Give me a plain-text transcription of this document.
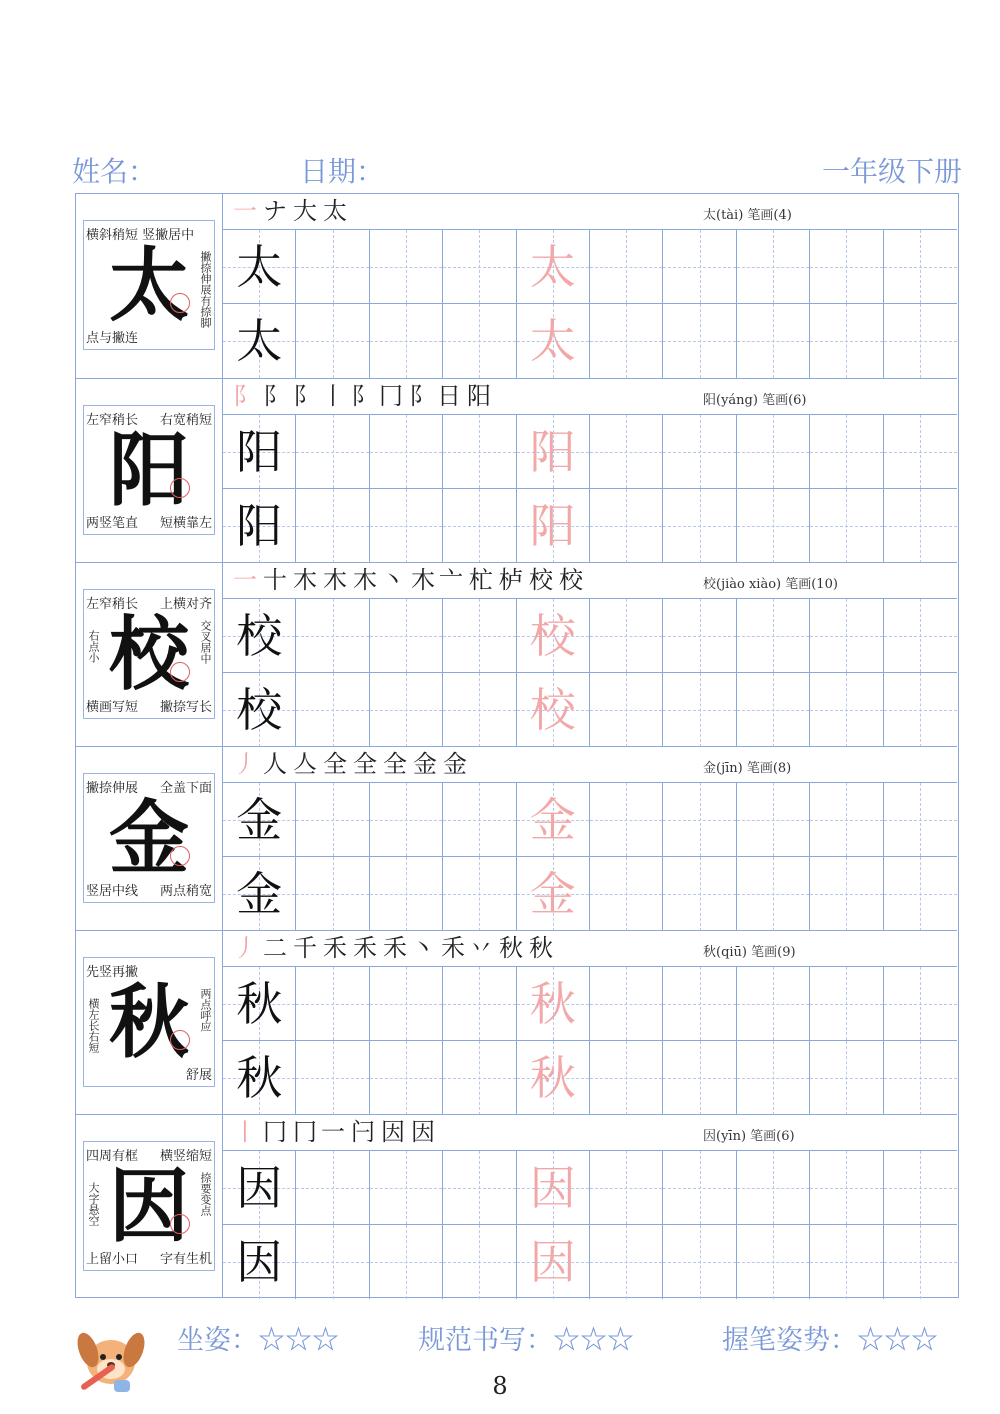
姓名：	日期：	一年级下册
太
横斜稍短 竖撇居中
撇捺伸展有捺脚
点与撇连
一ナ大太	太(tài) 笔画(4)
太	太
太	太
阳
左窄稍长 右宽稍短
两竖笔直 短横靠左
阝阝阝丨阝冂阝日阳	阳(yáng) 笔画(6)
阳	阳
阳	阳
校
左窄稍长 上横对齐
右点小	交叉居中
横画写短 撇捺写长
一十木木木丶木亠杧栌校校	校(jiào xiào) 笔画(10)
校	校
校	校
金
撇捺伸展 全盖下面
竖居中线 两点稍宽
丿人亼全全全金金	金(jīn) 笔画(8)
金	金
金	金
秋
先竖再撇
两点呼应
横左长右短
舒展
丿二千禾禾禾丶禾丷秋秋	秋(qiū) 笔画(9)
秋	秋
秋	秋
因
四周有框 横竖缩短
大字悬空	捺要变点
上留小口 字有生机
丨冂冂一闩因因	因(yīn) 笔画(6)
因	因
因	因
坐姿：☆☆☆	规范书写：☆☆☆	握笔姿势：☆☆☆
8
